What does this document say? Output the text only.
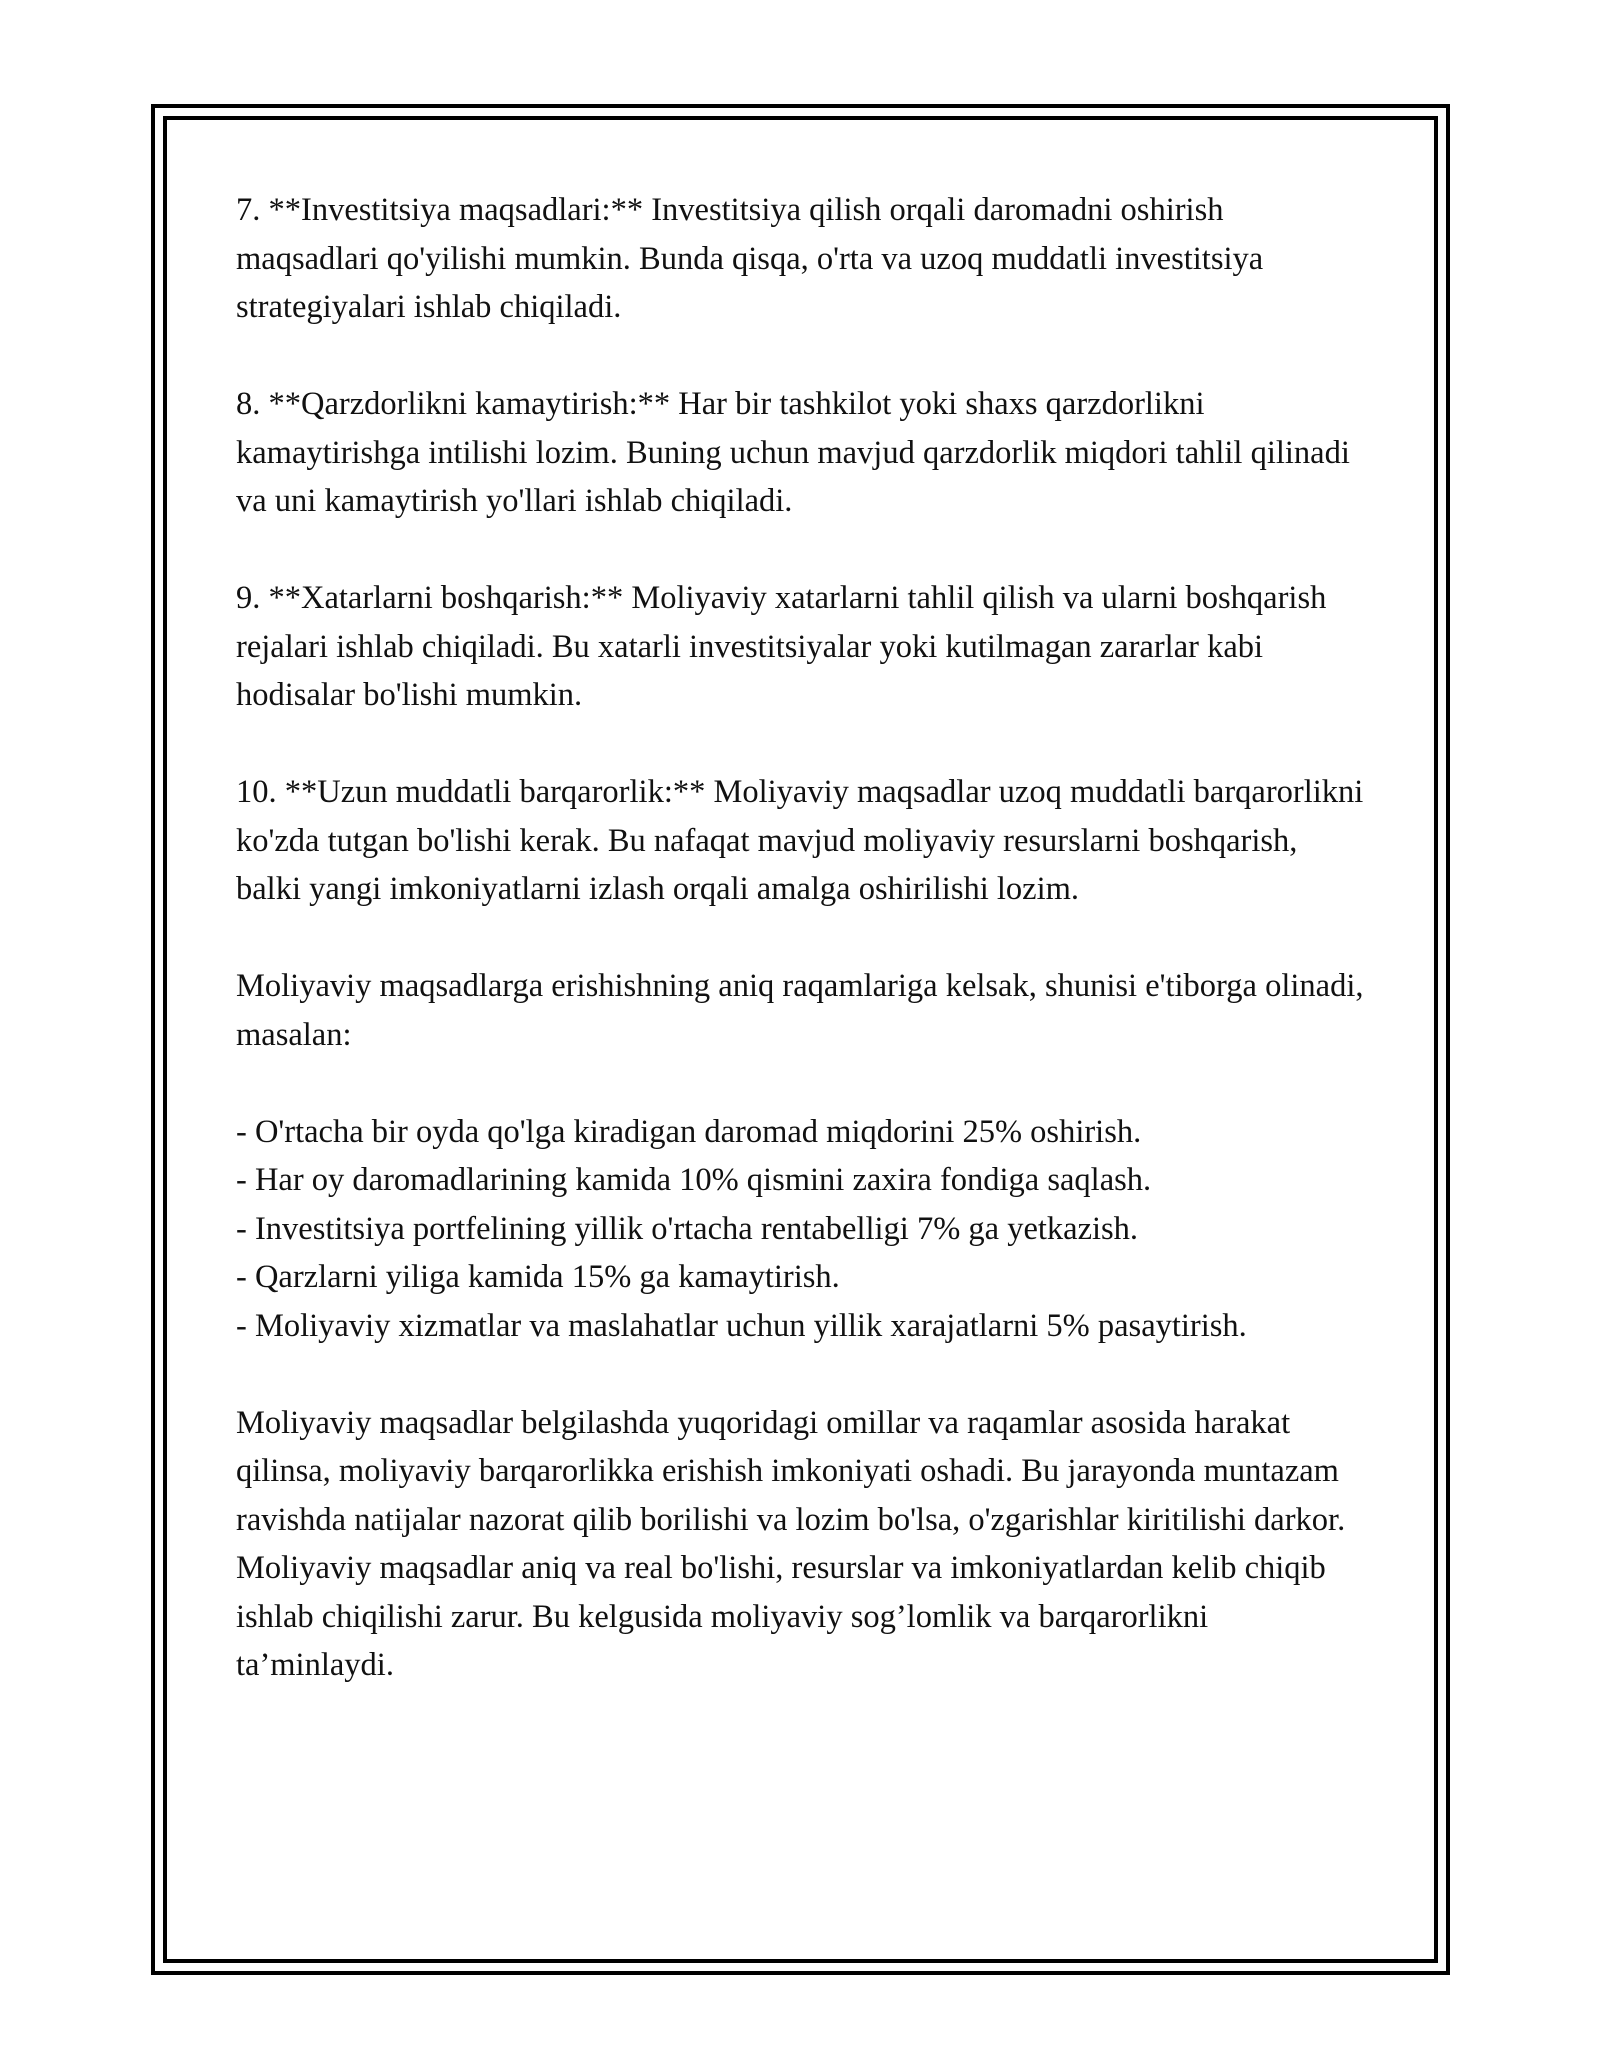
7. **Investitsiya maqsadlari:** Investitsiya qilish orqali daromadni oshirish maqsadlari qo'yilishi mumkin. Bunda qisqa, o'rta va uzoq muddatli investitsiya strategiyalari ishlab chiqiladi.

8. **Qarzdorlikni kamaytirish:** Har bir tashkilot yoki shaxs qarzdorlikni kamaytirishga intilishi lozim. Buning uchun mavjud qarzdorlik miqdori tahlil qilinadi va uni kamaytirish yo'llari ishlab chiqiladi.

9. **Xatarlarni boshqarish:** Moliyaviy xatarlarni tahlil qilish va ularni boshqarish rejalari ishlab chiqiladi. Bu xatarli investitsiyalar yoki kutilmagan zararlar kabi hodisalar bo'lishi mumkin.

10. **Uzun muddatli barqarorlik:** Moliyaviy maqsadlar uzoq muddatli barqarorlikni ko'zda tutgan bo'lishi kerak. Bu nafaqat mavjud moliyaviy resurslarni boshqarish, balki yangi imkoniyatlarni izlash orqali amalga oshirilishi lozim.

Moliyaviy maqsadlarga erishishning aniq raqamlariga kelsak, shunisi e'tiborga olinadi, masalan:

- O'rtacha bir oyda qo'lga kiradigan daromad miqdorini 25% oshirish.
- Har oy daromadlarining kamida 10% qismini zaxira fondiga saqlash.
- Investitsiya portfelining yillik o'rtacha rentabelligi 7% ga yetkazish.
- Qarzlarni yiliga kamida 15% ga kamaytirish.
- Moliyaviy xizmatlar va maslahatlar uchun yillik xarajatlarni 5% pasaytirish.

Moliyaviy maqsadlar belgilashda yuqoridagi omillar va raqamlar asosida harakat qilinsa, moliyaviy barqarorlikka erishish imkoniyati oshadi. Bu jarayonda muntazam ravishda natijalar nazorat qilib borilishi va lozim bo'lsa, o'zgarishlar kiritilishi darkor. Moliyaviy maqsadlar aniq va real bo'lishi, resurslar va imkoniyatlardan kelib chiqib ishlab chiqilishi zarur. Bu kelgusida moliyaviy sog’lomlik va barqarorlikni ta’minlaydi.
